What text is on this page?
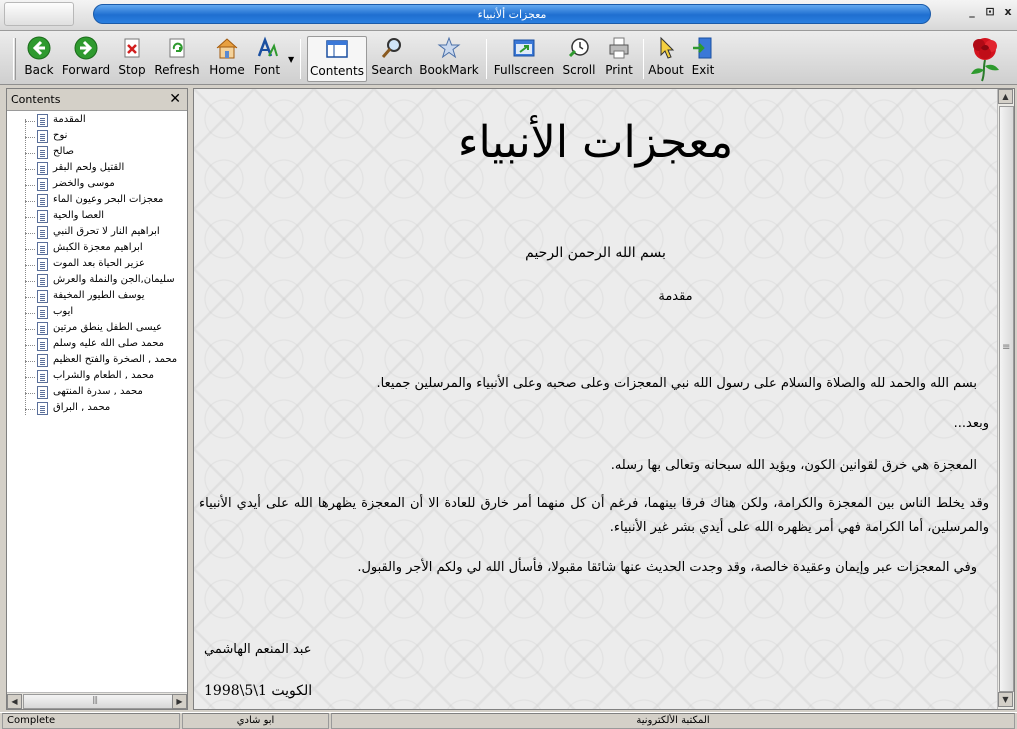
معجزات ألأنبياء	_ ⊡ x
Back Forward Stop Refresh Home Font
▼
Contents Search BookMark Fullscreen Scroll Print About Exit
Contents	✕
المقدمة
نوح
صالح
القتيل ولحم البقر
موسى والخضر
معجزات البحر وعيون الماء
العصا والحية
ابراهيم النار لا تحرق النبي
ابراهيم معجزة الكبش
عزير الحياة بعد الموت
سليمان,الجن والنملة والعرش
يوسف الطيور المخيفة
ايوب
عيسى الطفل ينطق مرتين
محمد صلى الله عليه وسلم
محمد , الصخرة والفتح العظيم
محمد , الطعام والشراب
محمد , سدرة المنتهى
محمد , البراق
◀
|||	▶
معجزات الأنبياء
بسم الله الرحمن الرحيم
مقدمة
بسم الله والحمد لله والصلاة والسلام على رسول الله نبي المعجزات وعلى صحبه وعلى الأنبياء والمرسلين جميعا.
وبعد...
المعجزة هي خرق لقوانين الكون، ويؤيد الله سبحانه وتعالى بها رسله.
وقد يخلط الناس بين المعجزة والكرامة، ولكن هناك فرقا بينهما، فرغم أن كل منهما أمر خارق للعادة الا أن المعجزة يظهرها الله على أيدي الأنبياء والمرسلين، أما الكرامة فهي أمر يظهره الله على أيدي بشر غير الأنبياء.
وفي المعجزات عبر وإيمان وعقيدة خالصة، وقد وجدت الحديث عنها شائقا مقبولا، فأسأل الله لي ولكم الأجر والقبول.
عبد المنعم الهاشمي
الكويت 1\5\1998
▲
≡
▼
Complete	ابو شادي	المكتبة الألكترونية
